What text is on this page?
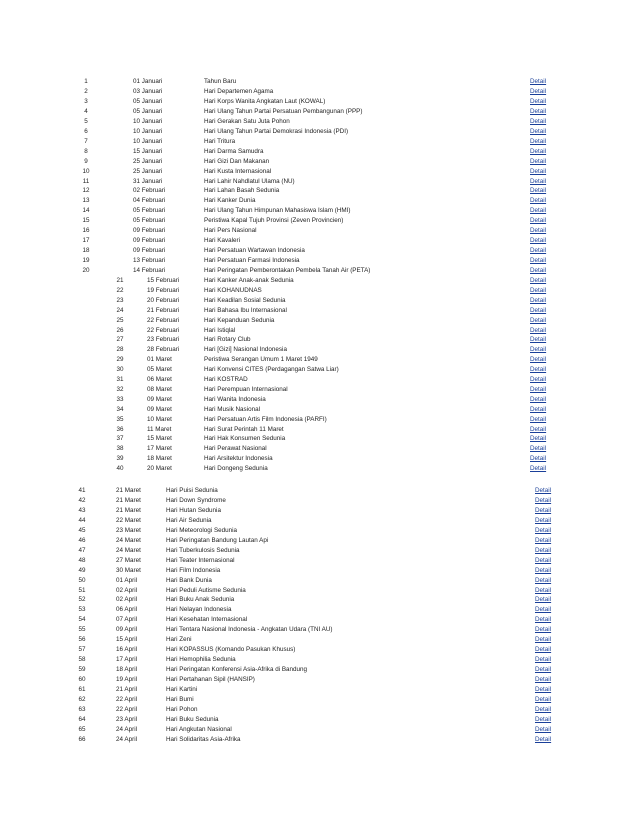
1	01 Januari	Tahun Baru	Detail
2	03 Januari	Hari Departemen Agama	Detail
3	05 Januari	Hari Korps Wanita Angkatan Laut (KOWAL)	Detail
4	05 Januari	Hari Ulang Tahun Partai Persatuan Pembangunan (PPP)	Detail
5	10 Januari	Hari Gerakan Satu Juta Pohon	Detail
6	10 Januari	Hari Ulang Tahun Partai Demokrasi Indonesia (PDI)	Detail
7	10 Januari	Hari Tritura	Detail
8	15 Januari	Hari Darma Samudra	Detail
9	25 Januari	Hari Gizi Dan Makanan	Detail
10	25 Januari	Hari Kusta Internasional	Detail
11	31 Januari	Hari Lahir Nahdlatul Ulama (NU)	Detail
12	02 Februari	Hari Lahan Basah Sedunia	Detail
13	04 Februari	Hari Kanker Dunia	Detail
14	05 Februari	Hari Ulang Tahun Himpunan Mahasiswa Islam (HMI)	Detail
15	05 Februari	Peristiwa Kapal Tujuh Provinsi (Zeven Provincien)	Detail
16	09 Februari	Hari Pers Nasional	Detail
17	09 Februari	Hari Kavaleri	Detail
18	09 Februari	Hari Persatuan Wartawan Indonesia	Detail
19	13 Februari	Hari Persatuan Farmasi Indonesia	Detail
20	14 Februari	Hari Peringatan Pemberontakan Pembela Tanah Air (PETA)	Detail
21	15 Februari	Hari Kanker Anak-anak Sedunia	Detail
22	19 Februari	Hari KOHANUDNAS	Detail
23	20 Februari	Hari Keadilan Sosial Sedunia	Detail
24	21 Februari	Hari Bahasa Ibu Internasional	Detail
25	22 Februari	Hari Kepanduan Sedunia	Detail
26	22 Februari	Hari Istiqlal	Detail
27	23 Februari	Hari Rotary Club	Detail
28	28 Februari	Hari [Gizi] Nasional Indonesia	Detail
29	01 Maret	Peristiwa Serangan Umum 1 Maret 1949	Detail
30	05 Maret	Hari Konvensi CITES (Perdagangan Satwa Liar)	Detail
31	06 Maret	Hari KOSTRAD	Detail
32	08 Maret	Hari Perempuan Internasional	Detail
33	09 Maret	Hari Wanita Indonesia	Detail
34	09 Maret	Hari Musik Nasional	Detail
35	10 Maret	Hari Persatuan Artis Film Indonesia (PARFI)	Detail
36	11 Maret	Hari Surat Perintah 11 Maret	Detail
37	15 Maret	Hari Hak Konsumen Sedunia	Detail
38	17 Maret	Hari Perawat Nasional	Detail
39	18 Maret	Hari Arsitektur Indonesia	Detail
40	20 Maret	Hari Dongeng Sedunia	Detail
41	21 Maret	Hari Puisi Sedunia	Detail
42	21 Maret	Hari Down Syndrome	Detail
43	21 Maret	Hari Hutan Sedunia	Detail
44	22 Maret	Hari Air Sedunia	Detail
45	23 Maret	Hari Meteorologi Sedunia	Detail
46	24 Maret	Hari Peringatan Bandung Lautan Api	Detail
47	24 Maret	Hari Tuberkulosis Sedunia	Detail
48	27 Maret	Hari Teater Internasional	Detail
49	30 Maret	Hari Film Indonesia	Detail
50	01 April	Hari Bank Dunia	Detail
51	02 April	Hari Peduli Autisme Sedunia	Detail
52	02 April	Hari Buku Anak Sedunia	Detail
53	06 April	Hari Nelayan Indonesia	Detail
54	07 April	Hari Kesehatan Internasional	Detail
55	09 April	Hari Tentara Nasional Indonesia - Angkatan Udara (TNI AU)	Detail
56	15 April	Hari Zeni	Detail
57	16 April	Hari KOPASSUS (Komando Pasukan Khusus)	Detail
58	17 April	Hari Hemophilia Sedunia	Detail
59	18 April	Hari Peringatan Konferensi Asia-Afrika di Bandung	Detail
60	19 April	Hari Pertahanan Sipil (HANSIP)	Detail
61	21 April	Hari Kartini	Detail
62	22 April	Hari Bumi	Detail
63	22 April	Hari Pohon	Detail
64	23 April	Hari Buku Sedunia	Detail
65	24 April	Hari Angkutan Nasional	Detail
66	24 April	Hari Solidaritas Asia-Afrika	Detail
